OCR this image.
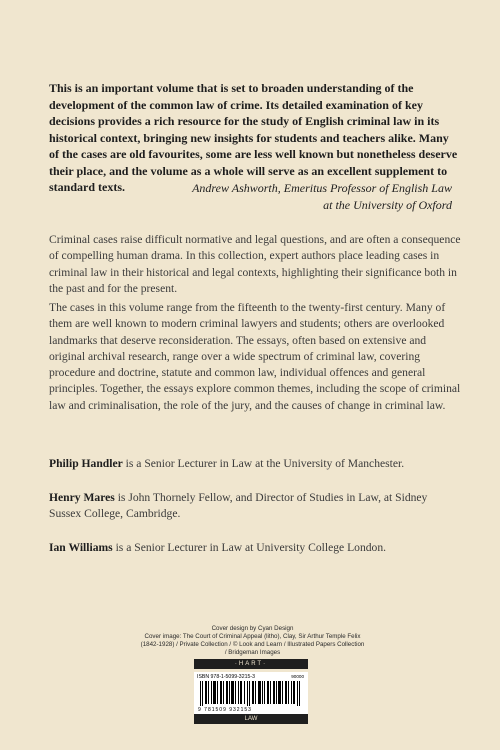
This is an important volume that is set to broaden understanding of the development of the common law of crime. Its detailed examination of key decisions provides a rich resource for the study of English criminal law in its historical context, bringing new insights for students and teachers alike. Many of the cases are old favourites, some are less well known but nonetheless deserve their place, and the volume as a whole will serve as an excellent supplement to standard texts.	Andrew Ashworth, Emeritus Professor of English Law
at the University of Oxford
Criminal cases raise difficult normative and legal questions, and are often a consequence of compelling human drama. In this collection, expert authors place leading cases in criminal law in their historical and legal contexts, highlighting their significance both in the past and for the present.
The cases in this volume range from the fifteenth to the twenty-first century. Many of them are well known to modern criminal lawyers and students; others are overlooked landmarks that deserve reconsideration. The essays, often based on extensive and original archival research, range over a wide spectrum of criminal law, covering procedure and doctrine, statute and common law, individual offences and general principles. Together, the essays explore common themes, including the scope of criminal law and criminalisation, the role of the jury, and the causes of change in criminal law.
Philip Handler is a Senior Lecturer in Law at the University of Manchester.
Henry Mares is John Thornely Fellow, and Director of Studies in Law, at Sidney Sussex College, Cambridge.
Ian Williams is a Senior Lecturer in Law at University College London.
Cover design by Cyan Design
Cover image: The Court of Criminal Appeal (litho), Clay, Sir Arthur Temple Felix (1842-1928) / Private Collection / © Look and Learn / Illustrated Papers Collection / Bridgeman Images
·HART·
ISBN 978-1-5099-3215-3	90000
9 781509 932153
LAW
